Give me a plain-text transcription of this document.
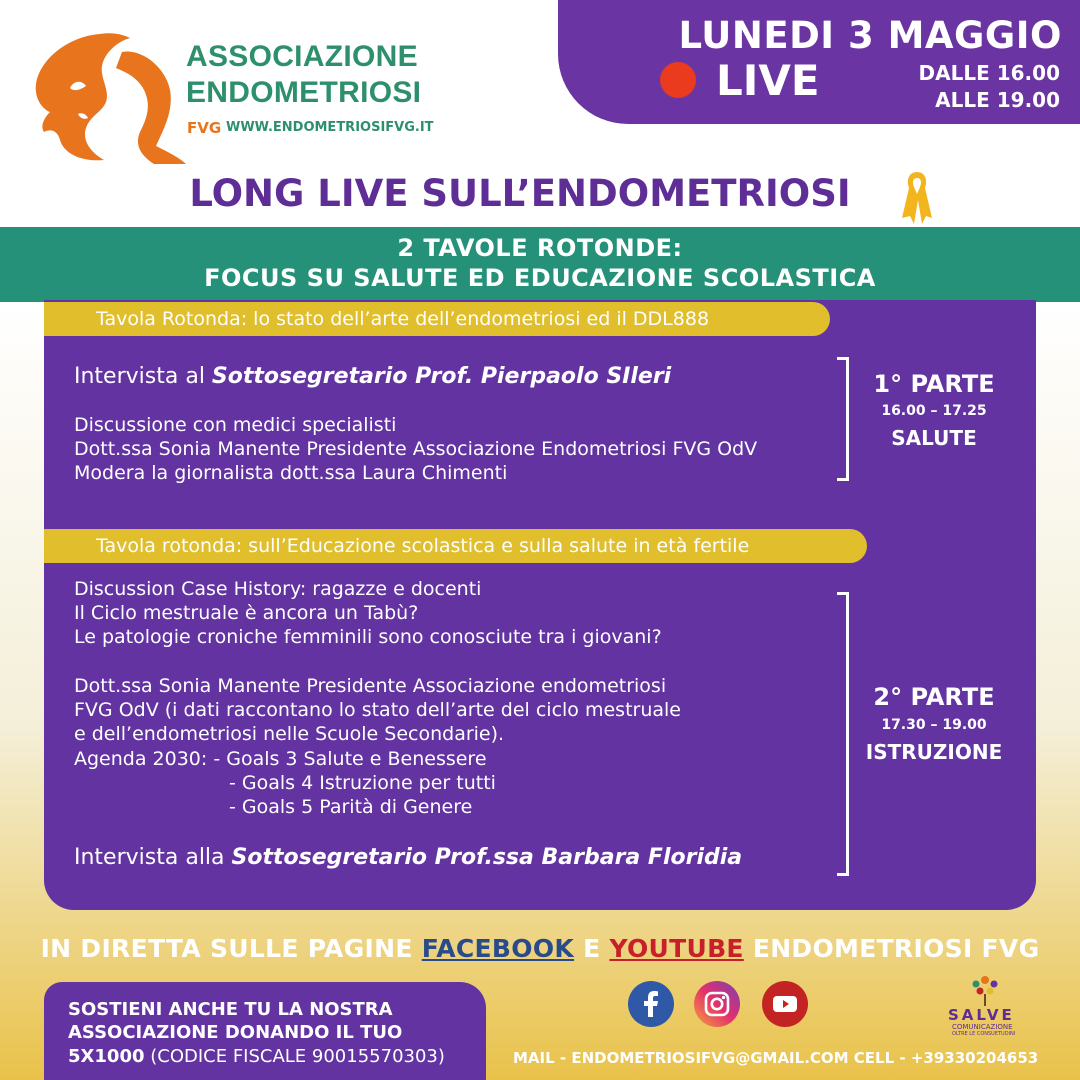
LUNEDI 3 MAGGIO
LIVE	DALLE 16.00
ALLE 19.00
ASSOCIAZIONE
ENDOMETRIOSI
FVG WWW.ENDOMETRIOSIFVG.IT
LONG LIVE SULL’ENDOMETRIOSI
2 TAVOLE ROTONDE:
FOCUS SU SALUTE ED EDUCAZIONE SCOLASTICA
Tavola Rotonda: lo stato dell’arte dell’endometriosi ed il DDL888
Intervista al Sottosegretario Prof. Pierpaolo SIleri
Discussione con medici specialisti
Dott.ssa Sonia Manente Presidente Associazione Endometriosi FVG OdV
Modera la giornalista dott.ssa Laura Chimenti
1° PARTE
16.00 – 17.25
SALUTE
Tavola rotonda: sull’Educazione scolastica e sulla salute in età fertile
Discussion Case History: ragazze e docenti
Il Ciclo mestruale è ancora un Tabù?
Le patologie croniche femminili sono conosciute tra i giovani?
Dott.ssa Sonia Manente Presidente Associazione endometriosi
FVG OdV (i dati raccontano lo stato dell’arte del ciclo mestruale
e dell’endometriosi nelle Scuole Secondarie).
Agenda 2030: - Goals 3 Salute e Benessere
- Goals 4 Istruzione per tutti
- Goals 5 Parità di Genere
Intervista alla Sottosegretario Prof.ssa Barbara Floridia
2° PARTE
17.30 – 19.00
ISTRUZIONE
IN DIRETTA SULLE PAGINE FACEBOOK E YOUTUBE ENDOMETRIOSI FVG
SOSTIENI ANCHE TU LA NOSTRA
ASSOCIAZIONE DONANDO IL TUO
5X1000 (CODICE FISCALE 90015570303)
SALVE
COMUNICAZIONE
OLTRE LE CONSUETUDINI
MAIL - ENDOMETRIOSIFVG@GMAIL.COM CELL - +39330204653
